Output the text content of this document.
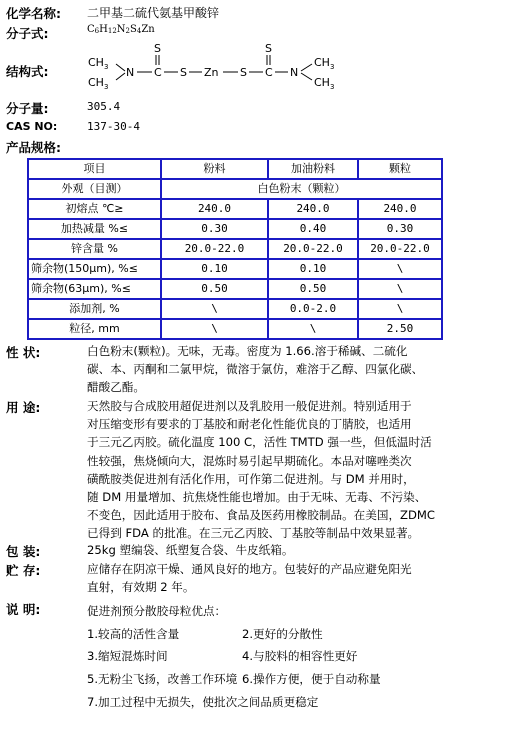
化学名称: 二甲基二硫代氨基甲酸锌
分子式:	C6H12N2S4Zn
结构式:
$CH_3$
$CH_3$
N C
S
S Zn S C
S
N
$CH_3$
$CH_3$
分子量:	305.4
CAS NO:	137-30-4
产品规格:
项目	粉料	加油粉料	颗粒
外观（目测）	白色粉末（颗粒）		
初熔点 ℃≥	240.0	240.0	240.0
加热减量 %≤	0.30	0.40	0.30
锌含量 %	20.0-22.0	20.0-22.0	20.0-22.0
筛余物(150μm), %≤	0.10	0.10	\
筛余物(63μm), %≤	0.50	0.50	\
添加剂, %	\	0.0-2.0	\
粒径, mm	\	\	2.50
性 状:	白色粉末(颗粒)。无味，无毒。密度为 1.66.溶于稀碱、二硫化
碳、本、丙酮和二氯甲烷，微溶于氯仿，难溶于乙醇、四氯化碳、
醋酸乙酯。
用 途:	天然胶与合成胶用超促进剂以及乳胶用一般促进剂。特别适用于
对压缩变形有要求的丁基胶和耐老化性能优良的丁腈胶，也适用
于三元乙丙胶。硫化温度 100 C，活性 TMTD 强一些，但低温时活
性较强，焦烧倾向大，混炼时易引起早期硫化。本品对噻唑类次
磺酰胺类促进剂有活化作用，可作第二促进剂。与 DM 并用时，
随 DM 用量增加、抗焦烧性能也增加。由于无味、无毒、不污染、
不变色，因此适用于胶布、食品及医药用橡胶制品。在美国，ZDMC
已得到 FDA 的批准。在三元乙丙胶、丁基胶等制品中效果显著。
包 装:	25kg 塑编袋、纸塑复合袋、牛皮纸箱。
贮 存:	应储存在阴凉干燥、通风良好的地方。包装好的产品应避免阳光
直射，有效期 2 年。
说 明:	促进剂预分散胶母粒优点：
1.较高的活性含量	2.更好的分散性
3.缩短混炼时间	4.与胶料的相容性更好
5.无粉尘飞扬，改善工作环境 6.操作方便，便于自动称量
7.加工过程中无损失，使批次之间品质更稳定
